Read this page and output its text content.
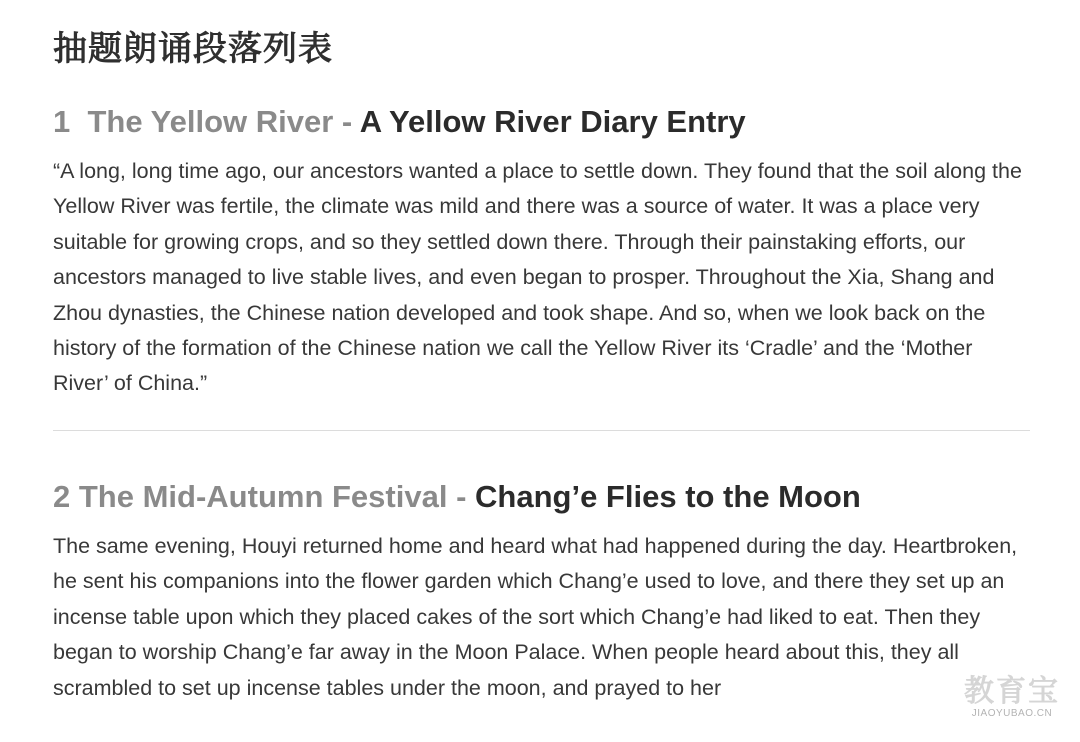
抽题朗诵段落列表
1 The Yellow River - A Yellow River Diary Entry

“A long, long time ago, our ancestors wanted a place to settle down. They found that the soil along the Yellow River was fertile, the climate was mild and there was a source of water. It was a place very suitable for growing crops, and so they settled down there. Through their painstaking efforts, our ancestors managed to live stable lives, and even began to prosper. Throughout the Xia, Shang and Zhou dynasties, the Chinese nation developed and took shape. And so, when we look back on the history of the formation of the Chinese nation we call the Yellow River its ‘Cradle’ and the ‘Mother River’ of China.”

2 The Mid-Autumn Festival - Chang’e Flies to the Moon

The same evening, Houyi returned home and heard what had happened during the day. Heartbroken, he sent his companions into the flower garden which Chang’e used to love, and there they set up an incense table upon which they placed cakes of the sort which Chang’e had liked to eat. Then they began to worship Chang’e far away in the Moon Palace. When people heard about this, they all scrambled to set up incense tables under the moon, and prayed to her	教育宝
JIAOYUBAO.CN
